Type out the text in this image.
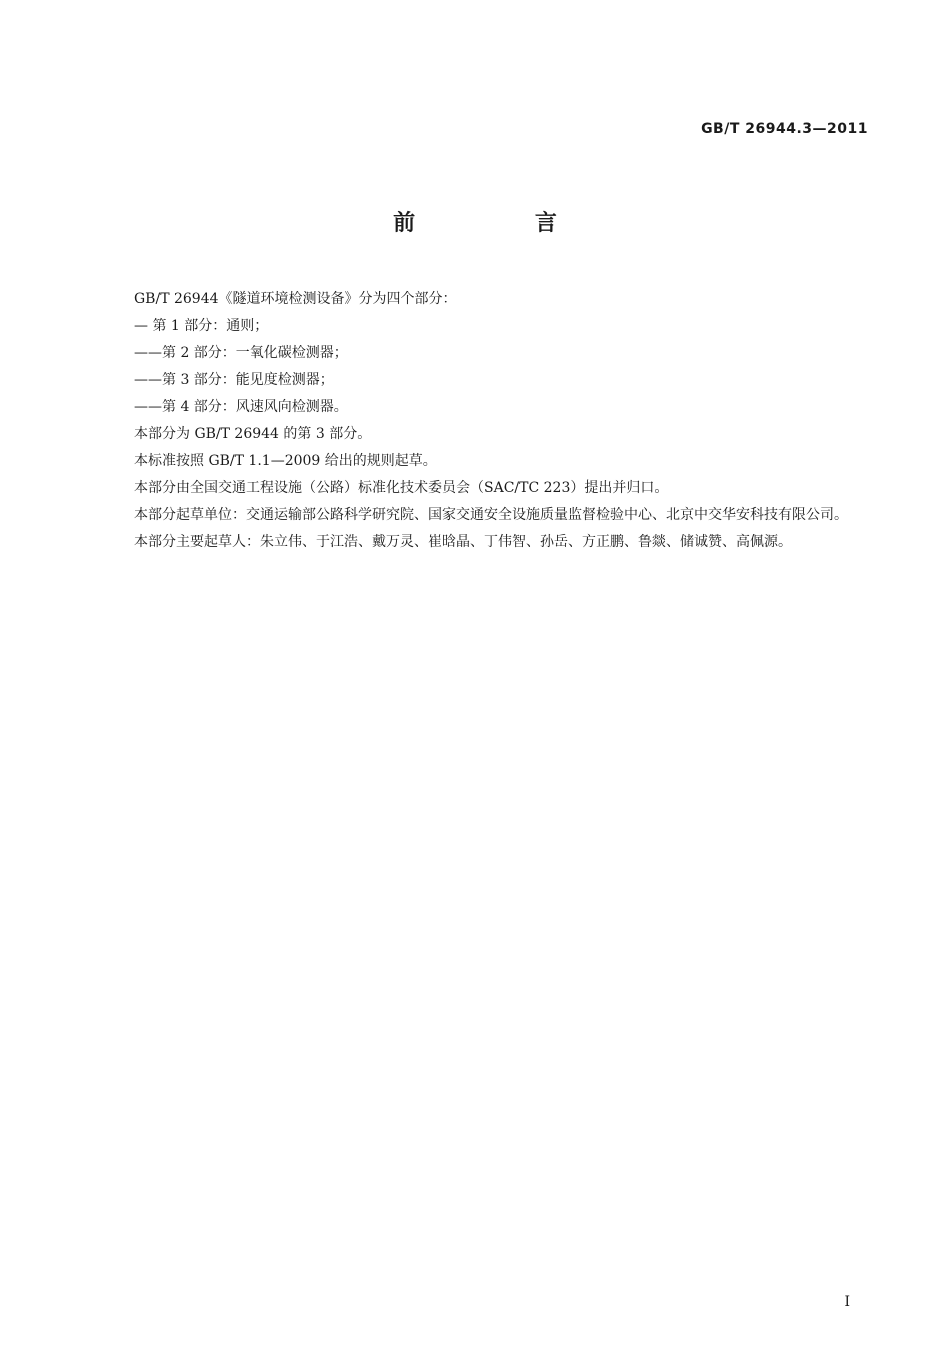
GB/T 26944.3—2011
前 言

GB/T 26944《隧道环境检测设备》分为四个部分：

— 第 1 部分：通则；

——第 2 部分：一氧化碳检测器；

——第 3 部分：能见度检测器；

——第 4 部分：风速风向检测器。

本部分为 GB/T 26944 的第 3 部分。

本标准按照 GB/T 1.1—2009 给出的规则起草。

本部分由全国交通工程设施（公路）标准化技术委员会（SAC/TC 223）提出并归口。

本部分起草单位：交通运输部公路科学研究院、国家交通安全设施质量监督检验中心、北京中交华安科技有限公司。

本部分主要起草人：朱立伟、于江浩、戴万灵、崔晗晶、丁伟智、孙岳、方正鹏、鲁燚、储诚赞、高佩源。

I
